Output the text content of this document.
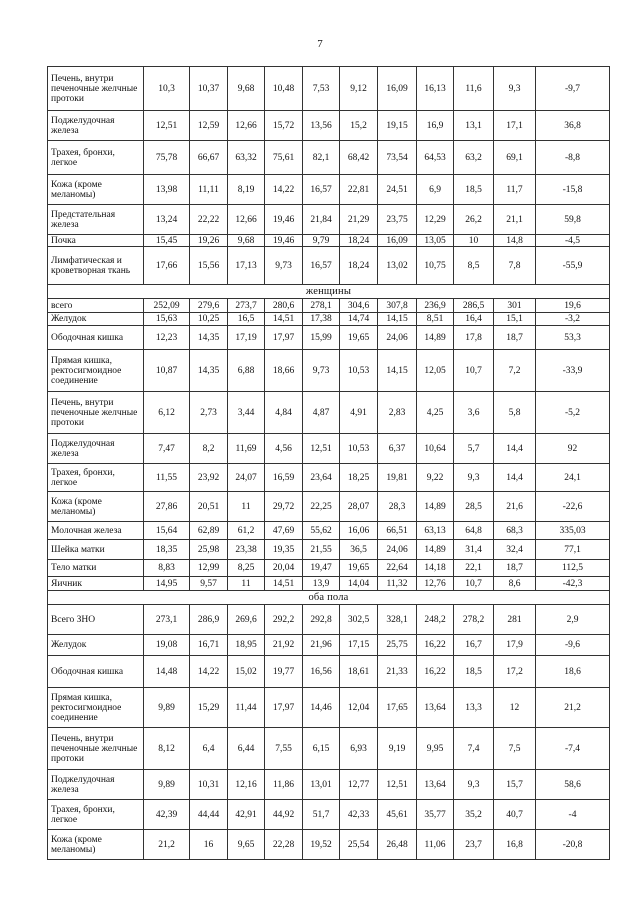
7
Печень, внутри печеночные желчные протоки	10,3	10,37	9,68	10,48	7,53	9,12	16,09	16,13	11,6	9,3	-9,7
Поджелудочная железа	12,51	12,59	12,66	15,72	13,56	15,2	19,15	16,9	13,1	17,1	36,8
Трахея, бронхи, легкое	75,78	66,67	63,32	75,61	82,1	68,42	73,54	64,53	63,2	69,1	-8,8
Кожа (кроме меланомы)	13,98	11,11	8,19	14,22	16,57	22,81	24,51	6,9	18,5	11,7	-15,8
Предстательная железа	13,24	22,22	12,66	19,46	21,84	21,29	23,75	12,29	26,2	21,1	59,8
Почка	15,45	19,26	9,68	19,46	9,79	18,24	16,09	13,05	10	14,8	-4,5
Лимфатическая и кроветворная ткань	17,66	15,56	17,13	9,73	16,57	18,24	13,02	10,75	8,5	7,8	-55,9
женщины											
всего	252,09	279,6	273,7	280,6	278,1	304,6	307,8	236,9	286,5	301	19,6
Желудок	15,63	10,25	16,5	14,51	17,38	14,74	14,15	8,51	16,4	15,1	-3,2
Ободочная кишка	12,23	14,35	17,19	17,97	15,99	19,65	24,06	14,89	17,8	18,7	53,3
Прямая кишка, ректосигмоидное соединение	10,87	14,35	6,88	18,66	9,73	10,53	14,15	12,05	10,7	7,2	-33,9
Печень, внутри печеночные желчные протоки	6,12	2,73	3,44	4,84	4,87	4,91	2,83	4,25	3,6	5,8	-5,2
Поджелудочная железа	7,47	8,2	11,69	4,56	12,51	10,53	6,37	10,64	5,7	14,4	92
Трахея, бронхи, легкое	11,55	23,92	24,07	16,59	23,64	18,25	19,81	9,22	9,3	14,4	24,1
Кожа (кроме меланомы)	27,86	20,51	11	29,72	22,25	28,07	28,3	14,89	28,5	21,6	-22,6
Молочная железа	15,64	62,89	61,2	47,69	55,62	16,06	66,51	63,13	64,8	68,3	335,03
Шейка матки	18,35	25,98	23,38	19,35	21,55	36,5	24,06	14,89	31,4	32,4	77,1
Тело матки	8,83	12,99	8,25	20,04	19,47	19,65	22,64	14,18	22,1	18,7	112,5
Яичник	14,95	9,57	11	14,51	13,9	14,04	11,32	12,76	10,7	8,6	-42,3
оба пола											
Всего ЗНО	273,1	286,9	269,6	292,2	292,8	302,5	328,1	248,2	278,2	281	2,9
Желудок	19,08	16,71	18,95	21,92	21,96	17,15	25,75	16,22	16,7	17,9	-9,6
Ободочная кишка	14,48	14,22	15,02	19,77	16,56	18,61	21,33	16,22	18,5	17,2	18,6
Прямая кишка, ректосигмоидное соединение	9,89	15,29	11,44	17,97	14,46	12,04	17,65	13,64	13,3	12	21,2
Печень, внутри печеночные желчные протоки	8,12	6,4	6,44	7,55	6,15	6,93	9,19	9,95	7,4	7,5	-7,4
Поджелудочная железа	9,89	10,31	12,16	11,86	13,01	12,77	12,51	13,64	9,3	15,7	58,6
Трахея, бронхи, легкое	42,39	44,44	42,91	44,92	51,7	42,33	45,61	35,77	35,2	40,7	-4
Кожа (кроме меланомы)	21,2	16	9,65	22,28	19,52	25,54	26,48	11,06	23,7	16,8	-20,8
